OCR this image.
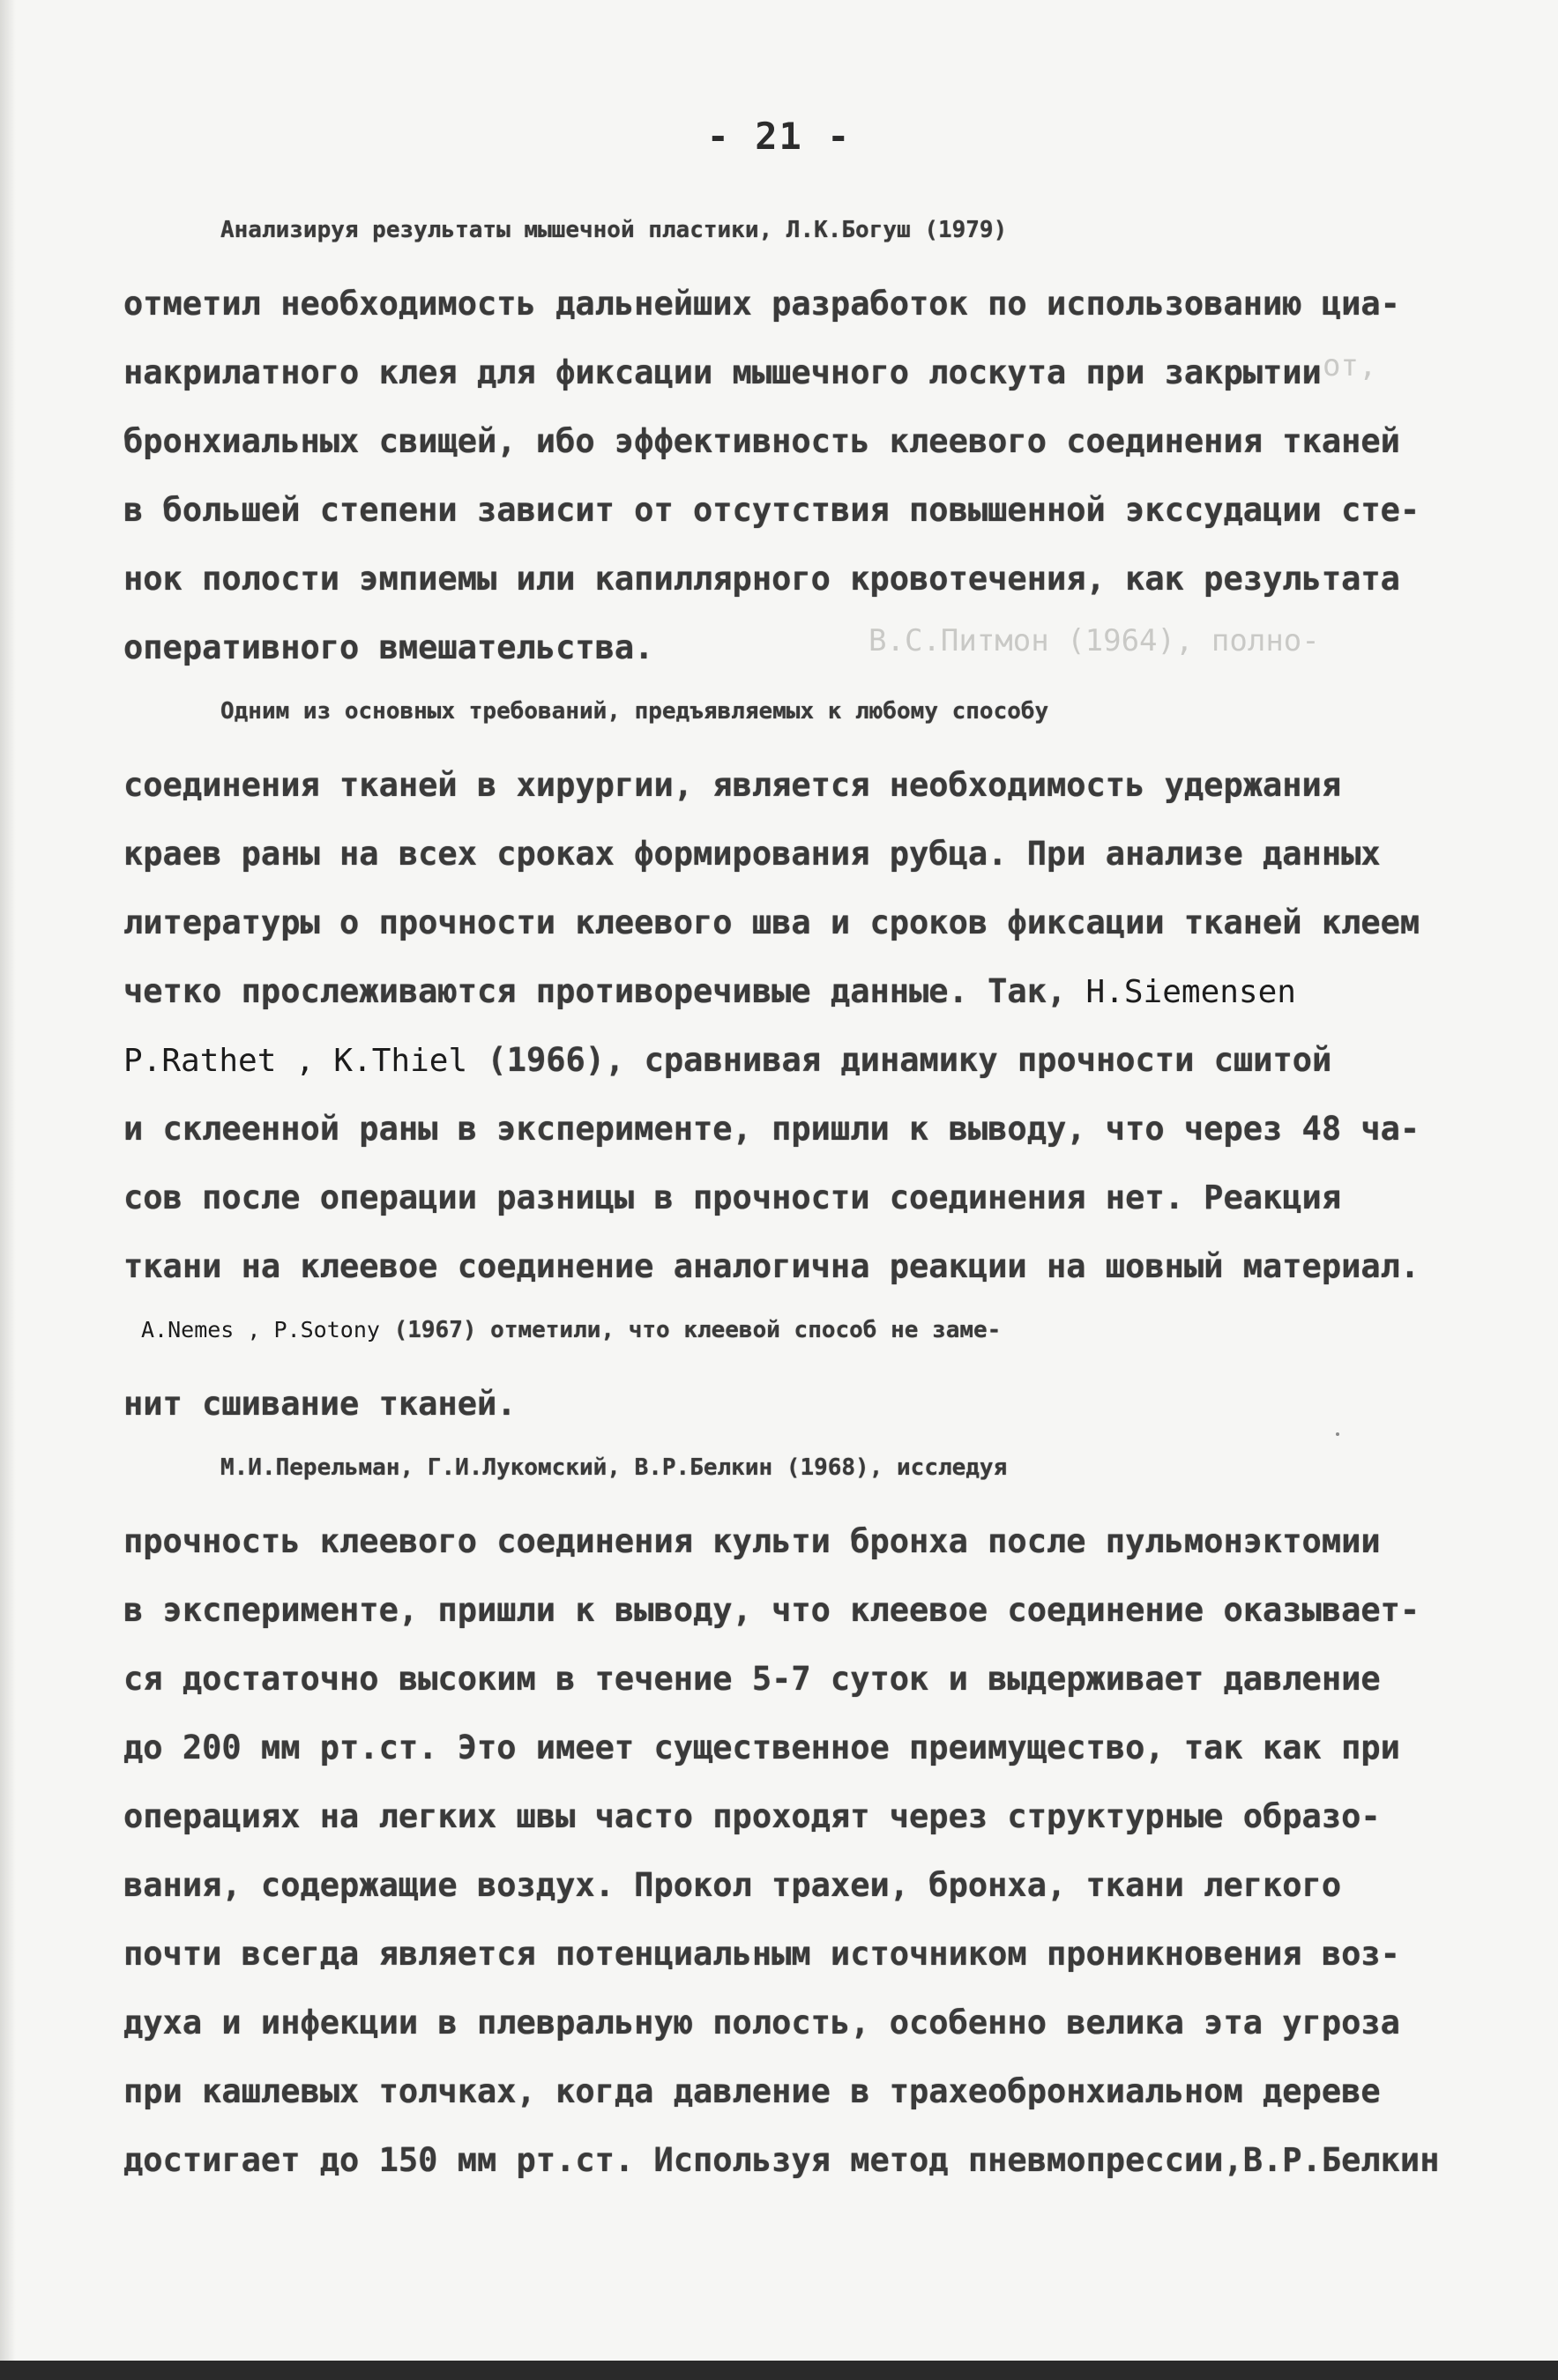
от,
В.С.Питмон (1964), полно-
- 21 -
Анализируя результаты мышечной пластики, Л.К.Богуш (1979)
отметил необходимость дальнейших разработок по использованию циа-
накрилатного клея для фиксации мышечного лоскута при закрытии
бронхиальных свищей, ибо эффективность клеевого соединения тканей
в большей степени зависит от отсутствия повышенной экссудации сте-
нок полости эмпиемы или капиллярного кровотечения, как результата
оперативного вмешательства.
Одним из основных требований, предъявляемых к любому способу
соединения тканей в хирургии, является необходимость удержания
краев раны на всех сроках формирования рубца. При анализе данных
литературы о прочности клеевого шва и сроков фиксации тканей клеем
четко прослеживаются противоречивые данные. Так, H.Siemensen
P.Rathet , K.Thiel (1966), сравнивая динамику прочности сшитой
и склеенной раны в эксперименте, пришли к выводу, что через 48 ча-
сов после операции разницы в прочности соединения нет. Реакция
ткани на клеевое соединение аналогична реакции на шовный материал.
A.Nemes , P.Sotony (1967) отметили, что клеевой способ не заме-
нит сшивание тканей.
М.И.Перельман, Г.И.Лукомский, В.Р.Белкин (1968), исследуя
прочность клеевого соединения культи бронха после пульмонэктомии
в эксперименте, пришли к выводу, что клеевое соединение оказывает-
ся достаточно высоким в течение 5-7 суток и выдерживает давление
до 200 мм рт.ст. Это имеет существенное преимущество, так как при
операциях на легких швы часто проходят через структурные образо-
вания, содержащие воздух. Прокол трахеи, бронха, ткани легкого
почти всегда является потенциальным источником проникновения воз-
духа и инфекции в плевральную полость, особенно велика эта угроза
при кашлевых толчках, когда давление в трахеобронхиальном дереве
достигает до 150 мм рт.ст. Используя метод пневмопрессии,В.Р.Белкин
